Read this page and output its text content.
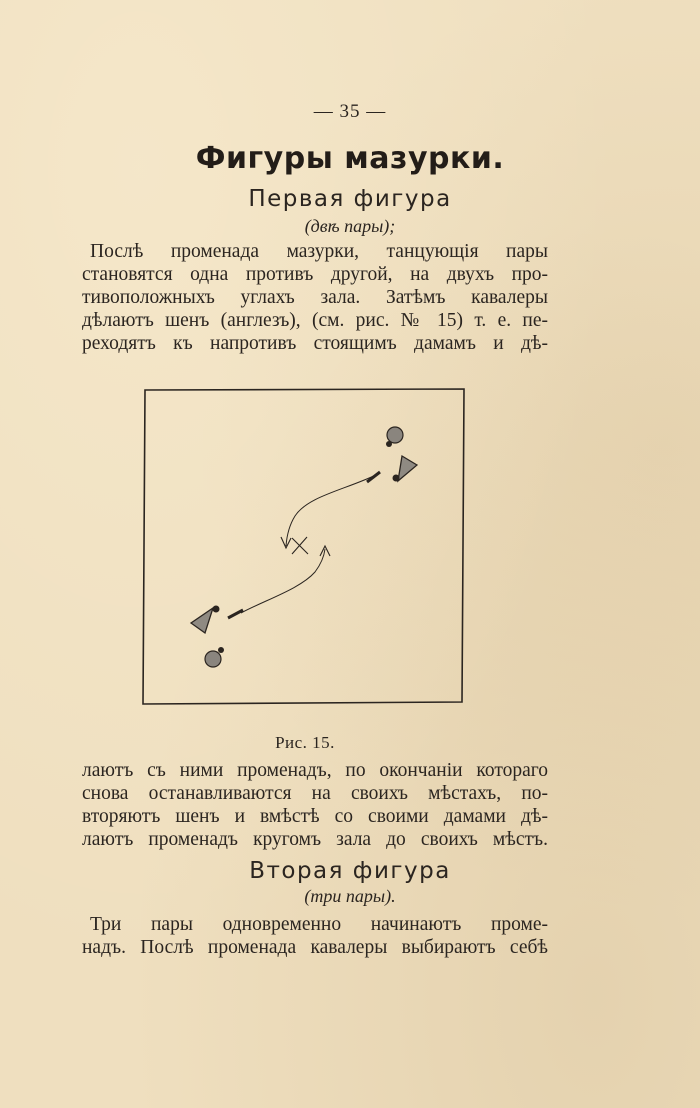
— 35 —
Фигуры мазурки.
Первая фигура
(двѣ пары);
Послѣ променада мазурки, танцующія пары
становятся одна противъ другой, на двухъ про-
тивоположныхъ углахъ зала. Затѣмъ кавалеры
дѣлаютъ шенъ (англезъ), (см. рис. № 15) т. е. пе-
реходятъ къ напротивъ стоящимъ дамамъ и дѣ-
Рис. 15.
лаютъ съ ними променадъ, по окончаніи котораго
снова останавливаются на своихъ мѣстахъ, по-
вторяютъ шенъ и вмѣстѣ со своими дамами дѣ-
лаютъ променадъ кругомъ зала до своихъ мѣстъ.
Вторая фигура
(три пары).
Три пары одновременно начинаютъ проме-
надъ. Послѣ променада кавалеры выбираютъ себѣ
